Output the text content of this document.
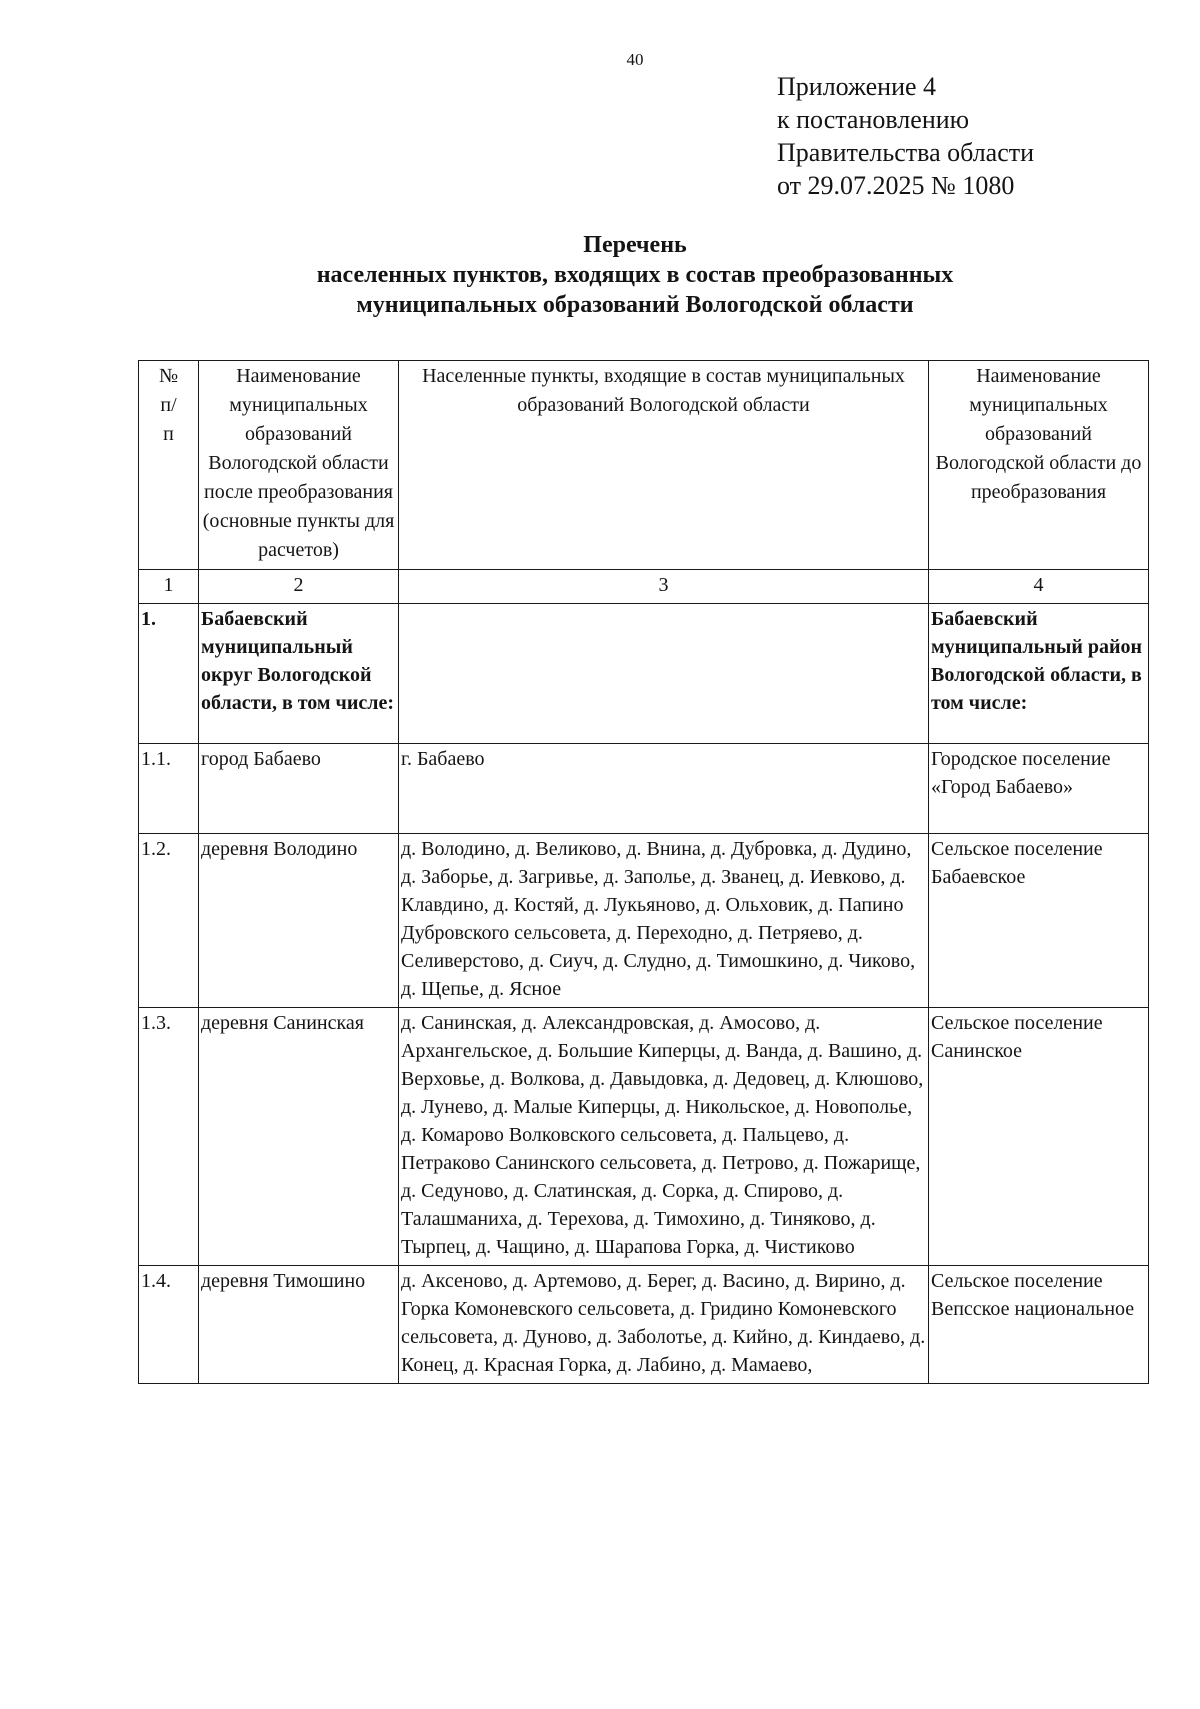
40
Приложение 4
к постановлению
Правительства области
от 29.07.2025 № 1080
Перечень
населенных пунктов, входящих в состав преобразованных
муниципальных образований Вологодской области
№ п/п	Наименование муниципальных образований Вологодской области после преобразования (основные пункты для расчетов)	Населенные пункты, входящие в состав муниципальных образований Вологодской области	Наименование муниципальных образований Вологодской области до преобразования
1	2	3	4
1.	Бабаевский муниципальный округ Вологодской области, в том числе:		Бабаевский муниципальный район Вологодской области, в том числе:
1.1.	город Бабаево	г. Бабаево	Городское поселение «Город Бабаево»
1.2.	деревня Володино	д. Володино, д. Великово, д. Внина, д. Дубровка, д. Дудино, д. Заборье, д. Загривье, д. Заполье, д. Званец, д. Иевково, д. Клавдино, д. Костяй, д. Лукьяново, д. Ольховик, д. Папино Дубровского сельсовета, д. Переходно, д. Петряево, д. Селиверстово, д. Сиуч, д. Слудно, д. Тимошкино, д. Чиково, д. Щепье, д. Ясное	Сельское поселение Бабаевское
1.3.	деревня Санинская	д. Санинская, д. Александровская, д. Амосово, д. Архангельское, д. Большие Киперцы, д. Ванда, д. Вашино, д. Верховье, д. Волкова, д. Давыдовка, д. Дедовец, д. Клюшово, д. Лунево, д. Малые Киперцы, д. Никольское, д. Новополье, д. Комарово Волковского сельсовета, д. Пальцево, д. Петраково Санинского сельсовета, д. Петрово, д. Пожарище, д. Седуново, д. Слатинская, д. Сорка, д. Спирово, д. Талашманиха, д. Терехова, д. Тимохино, д. Тиняково, д. Тырпец, д. Чащино, д. Шарапова Горка, д. Чистиково	Сельское поселение Санинское
1.4.	деревня Тимошино	д. Аксеново, д. Артемово, д. Берег, д. Васино, д. Вирино, д. Горка Комоневского сельсовета, д. Гридино Комоневского сельсовета, д. Дуново, д. Заболотье, д. Кийно, д. Киндаево, д. Конец, д. Красная Горка, д. Лабино, д. Мамаево,	Сельское поселение Вепсское национальное
